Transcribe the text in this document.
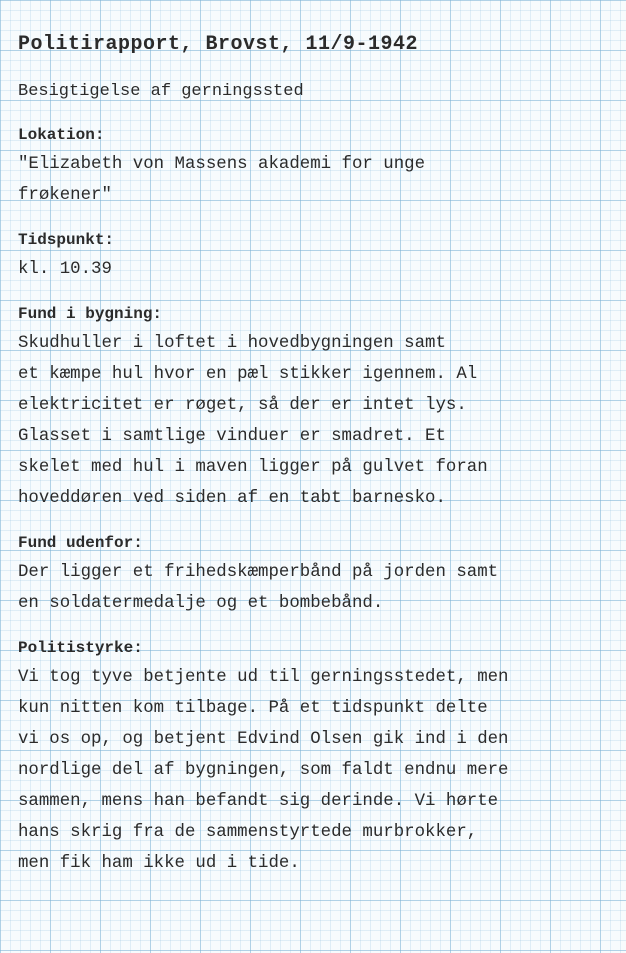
Politirapport, Brovst, 11/9-1942
Besigtigelse af gerningssted
Lokation:
"Elizabeth von Massens akademi for unge
frøkener"
Tidspunkt:
kl. 10.39
Fund i bygning:
Skudhuller i loftet i hovedbygningen samt
et kæmpe hul hvor en pæl stikker igennem. Al
elektricitet er røget, så der er intet lys.
Glasset i samtlige vinduer er smadret. Et
skelet med hul i maven ligger på gulvet foran
hoveddøren ved siden af en tabt barnesko.
Fund udenfor:
Der ligger et frihedskæmperbånd på jorden samt
en soldatermedalje og et bombebånd.
Politistyrke:
Vi tog tyve betjente ud til gerningsstedet, men
kun nitten kom tilbage. På et tidspunkt delte
vi os op, og betjent Edvind Olsen gik ind i den
nordlige del af bygningen, som faldt endnu mere
sammen, mens han befandt sig derinde. Vi hørte
hans skrig fra de sammenstyrtede murbrokker,
men fik ham ikke ud i tide.
